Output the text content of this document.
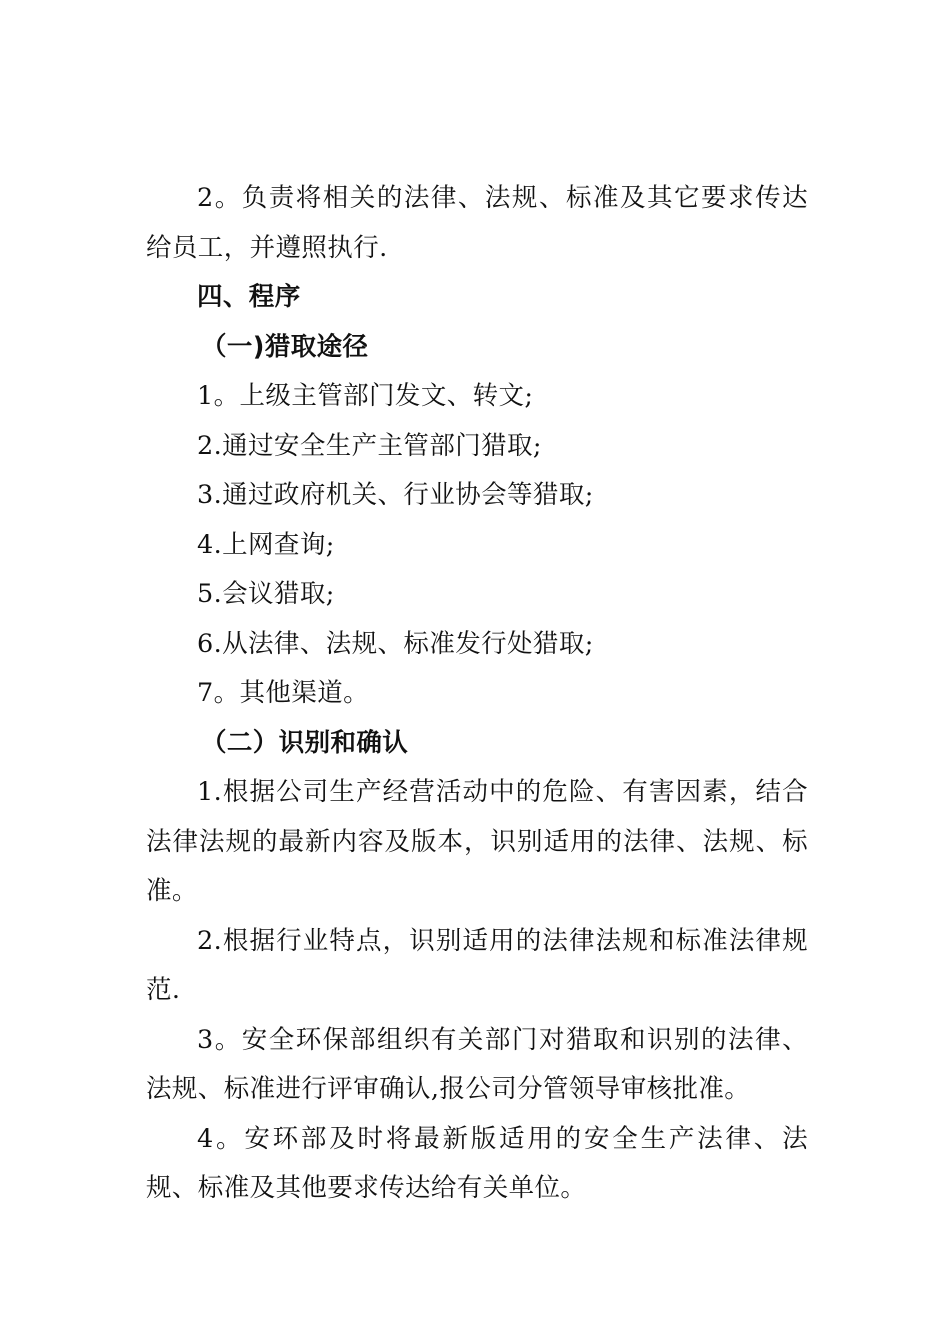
2。负责将相关的法律、法规、标准及其它要求传达给员工，并遵照执行.

四、程序

（一)猎取途径

1。上级主管部门发文、转文;

2.通过安全生产主管部门猎取;

3.通过政府机关、行业协会等猎取;

4.上网查询;

5.会议猎取;

6.从法律、法规、标准发行处猎取;

7。其他渠道。

（二）识别和确认

1.根据公司生产经营活动中的危险、有害因素，结合法律法规的最新内容及版本，识别适用的法律、法规、标准。

2.根据行业特点，识别适用的法律法规和标准法律规范.

3。安全环保部组织有关部门对猎取和识别的法律、法规、标准进行评审确认,报公司分管领导审核批准。

4。安环部及时将最新版适用的安全生产法律、法规、标准及其他要求传达给有关单位。
